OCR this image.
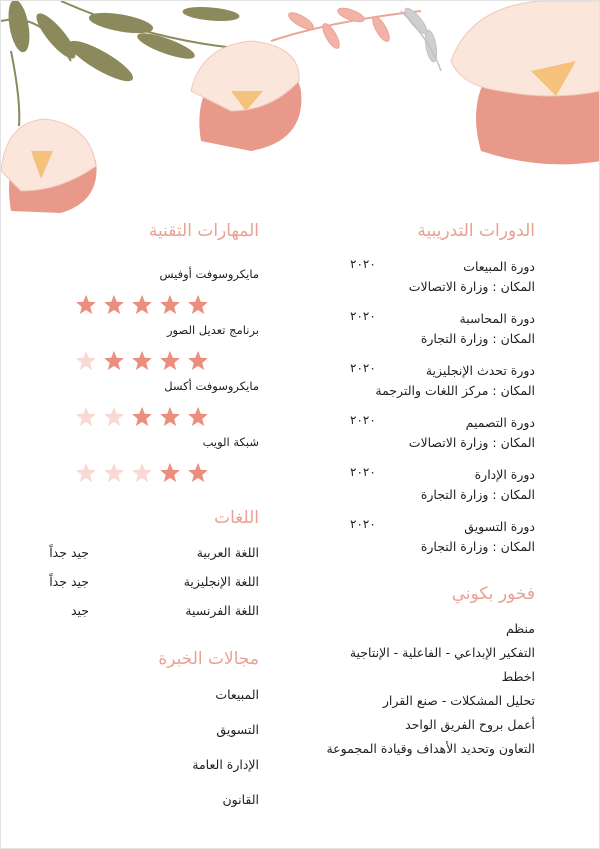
الدورات التدريبية
دورة المبيعات
٢٠٢٠
المكان : وزارة الاتصالات
دورة المحاسبة
٢٠٢٠
المكان : وزارة التجارة
دورة تحدث الإنجليزية
٢٠٢٠
المكان : مركز اللغات والترجمة
دورة التصميم
٢٠٢٠
المكان : وزارة الاتصالات
دورة الإدارة
٢٠٢٠
المكان : وزارة التجارة
دورة التسويق
٢٠٢٠
المكان : وزارة التجارة
فخور بكوني
منظم
التفكير الإبداعي - الفاعلية - الإنتاجية
اخطط
تحليل المشكلات - صنع القرار
أعمل بروح الفريق الواحد
التعاون وتحديد الأهداف وقيادة المجموعة
المهارات التقنية
مايكروسوفت أوفيس
برنامج تعديل الصور
مايكروسوفت أكسل
شبكة الويب
اللغات
اللغة العربية
جيد جداً
اللغة الإنجليزية
جيد جداً
اللغة الفرنسية
جيد
مجالات الخبرة
المبيعات
التسويق
الإدارة العامة
القانون
